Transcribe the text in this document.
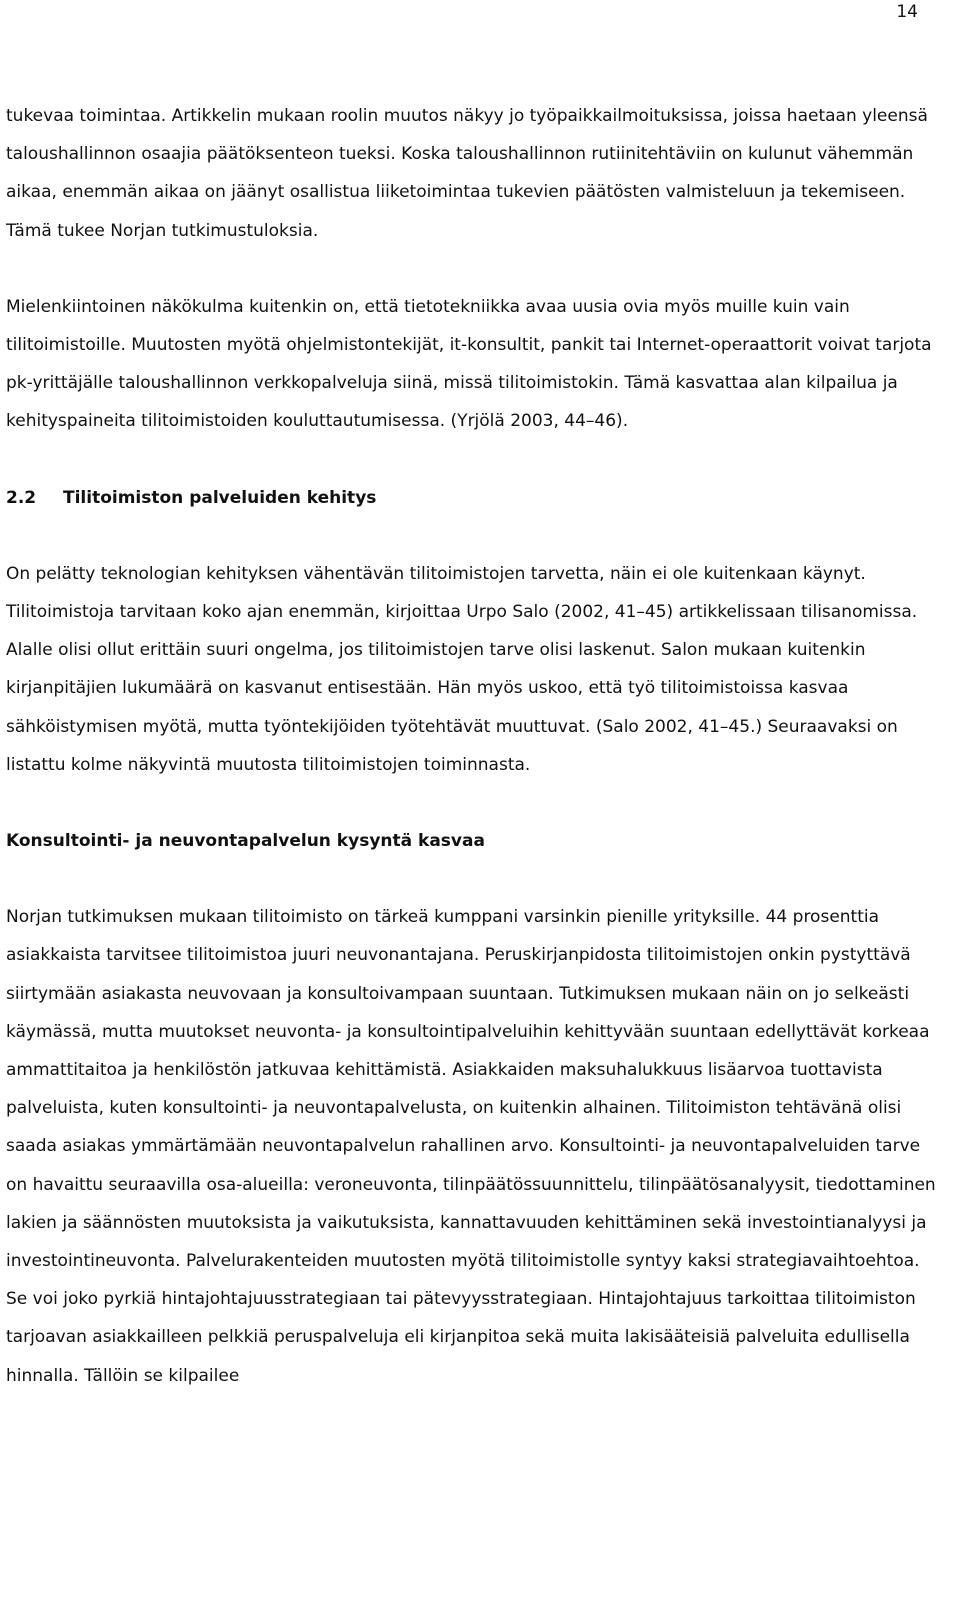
14

tukevaa toimintaa. Artikkelin mukaan roolin muutos näkyy jo työpaikkailmoituksissa, joissa haetaan yleensä taloushallinnon osaajia päätöksenteon tueksi. Koska taloushallinnon rutiinitehtäviin on kulunut vähemmän aikaa, enemmän aikaa on jäänyt osallistua liiketoimintaa tukevien päätösten valmisteluun ja tekemiseen. Tämä tukee Norjan tutkimustuloksia.

Mielenkiintoinen näkökulma kuitenkin on, että tietotekniikka avaa uusia ovia myös muille kuin vain tilitoimistoille. Muutosten myötä ohjelmistontekijät, it-konsultit, pankit tai Internet-operaattorit voivat tarjota pk-yrittäjälle taloushallinnon verkkopalveluja siinä, missä tilitoimistokin. Tämä kasvattaa alan kilpailua ja kehityspaineita tilitoimistoiden kouluttautumisessa. (Yrjölä 2003, 44–46).

2.2 Tilitoimiston palveluiden kehitys

On pelätty teknologian kehityksen vähentävän tilitoimistojen tarvetta, näin ei ole kuitenkaan käynyt. Tilitoimistoja tarvitaan koko ajan enemmän, kirjoittaa Urpo Salo (2002, 41–45) artikkelissaan tilisanomissa. Alalle olisi ollut erittäin suuri ongelma, jos tilitoimistojen tarve olisi laskenut. Salon mukaan kuitenkin kirjanpitäjien lukumäärä on kasvanut entisestään. Hän myös uskoo, että työ tilitoimistoissa kasvaa sähköistymisen myötä, mutta työntekijöiden työtehtävät muuttuvat. (Salo 2002, 41–45.) Seuraavaksi on listattu kolme näkyvintä muutosta tilitoimistojen toiminnasta.

Konsultointi- ja neuvontapalvelun kysyntä kasvaa

Norjan tutkimuksen mukaan tilitoimisto on tärkeä kumppani varsinkin pienille yrityksille. 44 prosenttia asiakkaista tarvitsee tilitoimistoa juuri neuvonantajana. Peruskirjanpidosta tilitoimistojen onkin pystyttävä siirtymään asiakasta neuvovaan ja konsultoivampaan suuntaan. Tutkimuksen mukaan näin on jo selkeästi käymässä, mutta muutokset neuvonta- ja konsultointipalveluihin kehittyvään suuntaan edellyttävät korkeaa ammattitaitoa ja henkilöstön jatkuvaa kehittämistä. Asiakkaiden maksuhalukkuus lisäarvoa tuottavista palveluista, kuten konsultointi- ja neuvontapalvelusta, on kuitenkin alhainen. Tilitoimiston tehtävänä olisi saada asiakas ymmärtämään neuvontapalvelun rahallinen arvo. Konsultointi- ja neuvontapalveluiden tarve on havaittu seuraavilla osa-alueilla: veroneuvonta, tilinpäätössuunnittelu, tilinpäätösanalyysit, tiedottaminen lakien ja säännösten muutoksista ja vaikutuksista, kannattavuuden kehittäminen sekä investointianalyysi ja investointineuvonta. Palvelurakenteiden muutosten myötä tilitoimistolle syntyy kaksi strategiavaihtoehtoa. Se voi joko pyrkiä hintajohtajuusstrategiaan tai pätevyysstrategiaan. Hintajohtajuus tarkoittaa tilitoimiston tarjoavan asiakkailleen pelkkiä peruspalveluja eli kirjanpitoa sekä muita lakisääteisiä palveluita edullisella hinnalla. Tällöin se kilpailee
